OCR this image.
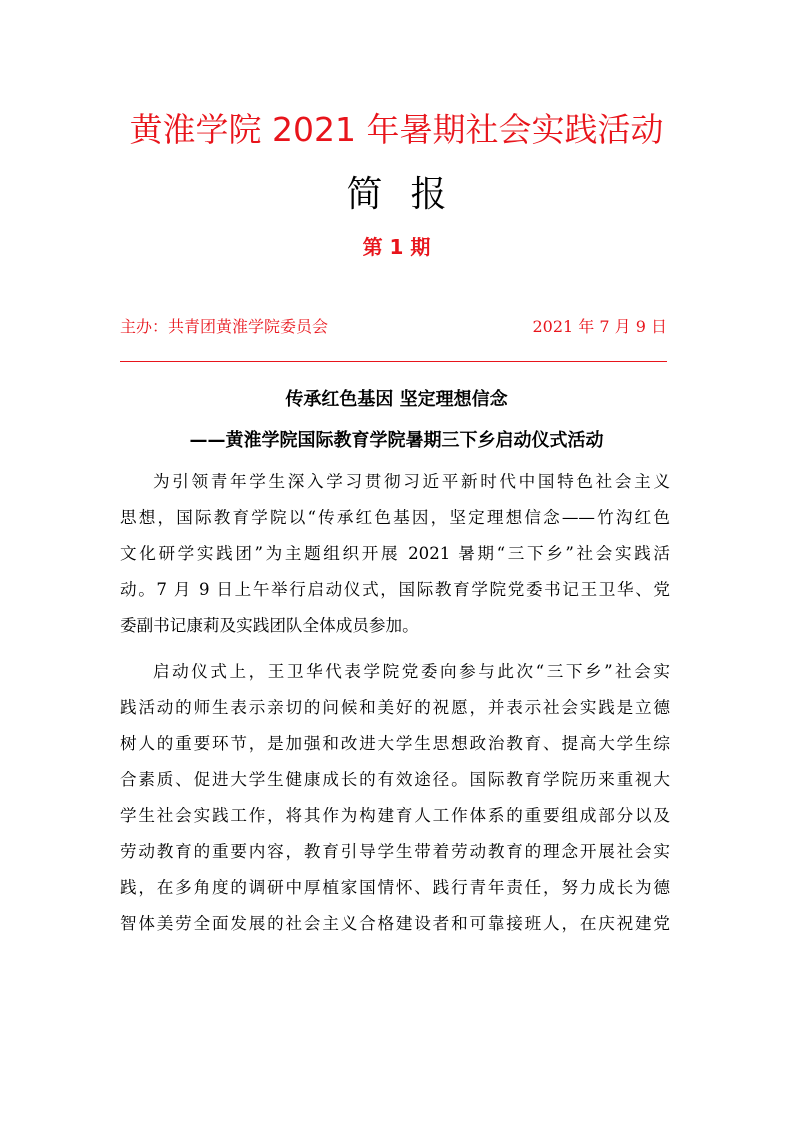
黄淮学院 2021 年暑期社会实践活动
简报
第 1 期
主办：共青团黄淮学院委员会	2021 年 7 月 9 日
传承红色基因 坚定理想信念
——黄淮学院国际教育学院暑期三下乡启动仪式活动
为引领青年学生深入学习贯彻习近平新时代中国特色社会主义
思想，国际教育学院以“传承红色基因，坚定理想信念——竹沟红色
文化研学实践团”为主题组织开展 2021 暑期“三下乡”社会实践活
动。7 月 9 日上午举行启动仪式，国际教育学院党委书记王卫华、党
委副书记康莉及实践团队全体成员参加。
启动仪式上，王卫华代表学院党委向参与此次“三下乡”社会实
践活动的师生表示亲切的问候和美好的祝愿，并表示社会实践是立德
树人的重要环节，是加强和改进大学生思想政治教育、提高大学生综
合素质、促进大学生健康成长的有效途径。国际教育学院历来重视大
学生社会实践工作，将其作为构建育人工作体系的重要组成部分以及
劳动教育的重要内容，教育引导学生带着劳动教育的理念开展社会实
践，在多角度的调研中厚植家国情怀、践行青年责任，努力成长为德
智体美劳全面发展的社会主义合格建设者和可靠接班人，在庆祝建党
